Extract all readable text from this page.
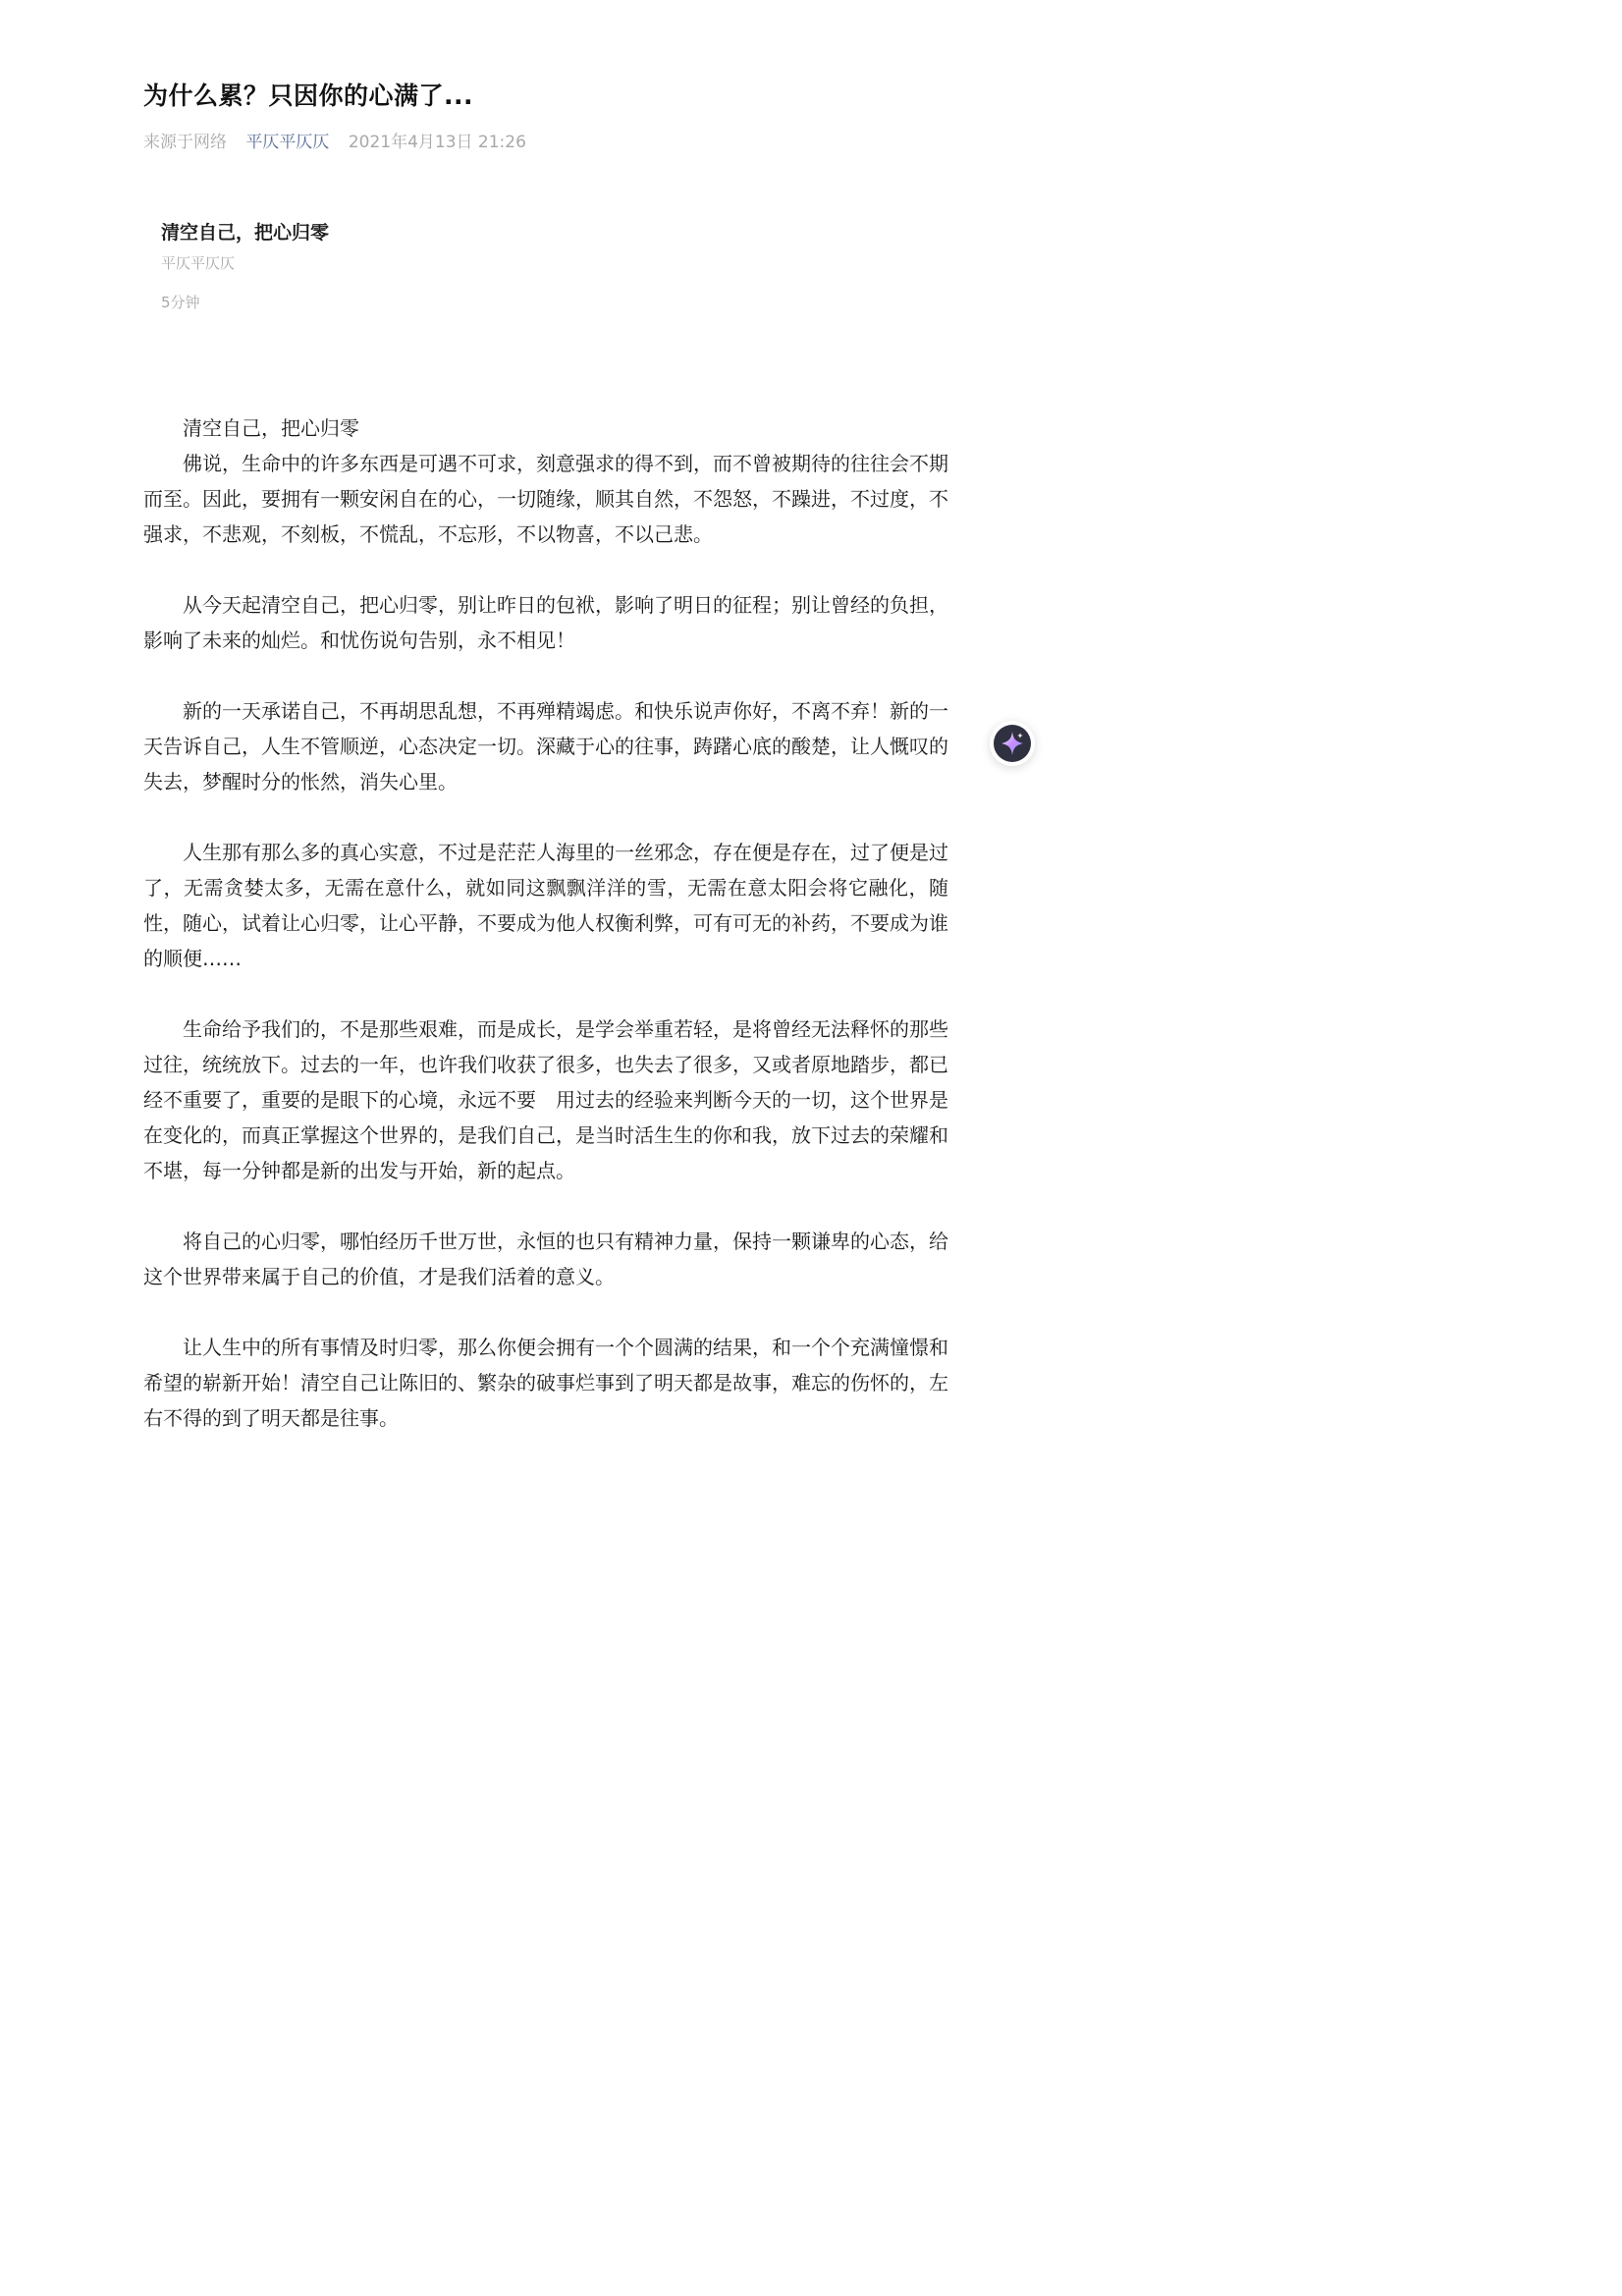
为什么累？只因你的心满了...
来源于网络 平仄平仄仄 2021年4月13日 21:26
清空自己，把心归零
平仄平仄仄
5分钟

清空自己，把心归零

佛说，生命中的许多东西是可遇不可求，刻意强求的得不到，而不曾被期待的往往会不期而至。因此，要拥有一颗安闲自在的心，一切随缘，顺其自然，不怨怒，不躁进，不过度，不强求，不悲观，不刻板，不慌乱，不忘形，不以物喜，不以己悲。

从今天起清空自己，把心归零，别让昨日的包袱，影响了明日的征程；别让曾经的负担，影响了未来的灿烂。和忧伤说句告别，永不相见！

新的一天承诺自己，不再胡思乱想，不再殚精竭虑。和快乐说声你好，不离不弃！新的一天告诉自己，人生不管顺逆，心态决定一切。深藏于心的往事，踌躇心底的酸楚，让人慨叹的失去，梦醒时分的怅然，消失心里。

人生那有那么多的真心实意，不过是茫茫人海里的一丝邪念，存在便是存在，过了便是过了，无需贪婪太多，无需在意什么，就如同这飘飘洋洋的雪，无需在意太阳会将它融化，随性，随心，试着让心归零，让心平静，不要成为他人权衡利弊，可有可无的补药，不要成为谁的顺便……

生命给予我们的，不是那些艰难，而是成长，是学会举重若轻，是将曾经无法释怀的那些过往，统统放下。过去的一年，也许我们收获了很多，也失去了很多，又或者原地踏步，都已经不重要了，重要的是眼下的心境，永远不要　用过去的经验来判断今天的一切，这个世界是在变化的，而真正掌握这个世界的，是我们自己，是当时活生生的你和我，放下过去的荣耀和不堪，每一分钟都是新的出发与开始，新的起点。

将自己的心归零，哪怕经历千世万世，永恒的也只有精神力量，保持一颗谦卑的心态，给这个世界带来属于自己的价值，才是我们活着的意义。

让人生中的所有事情及时归零，那么你便会拥有一个个圆满的结果，和一个个充满憧憬和希望的崭新开始！清空自己让陈旧的、繁杂的破事烂事到了明天都是故事，难忘的伤怀的，左右不得的到了明天都是往事。
